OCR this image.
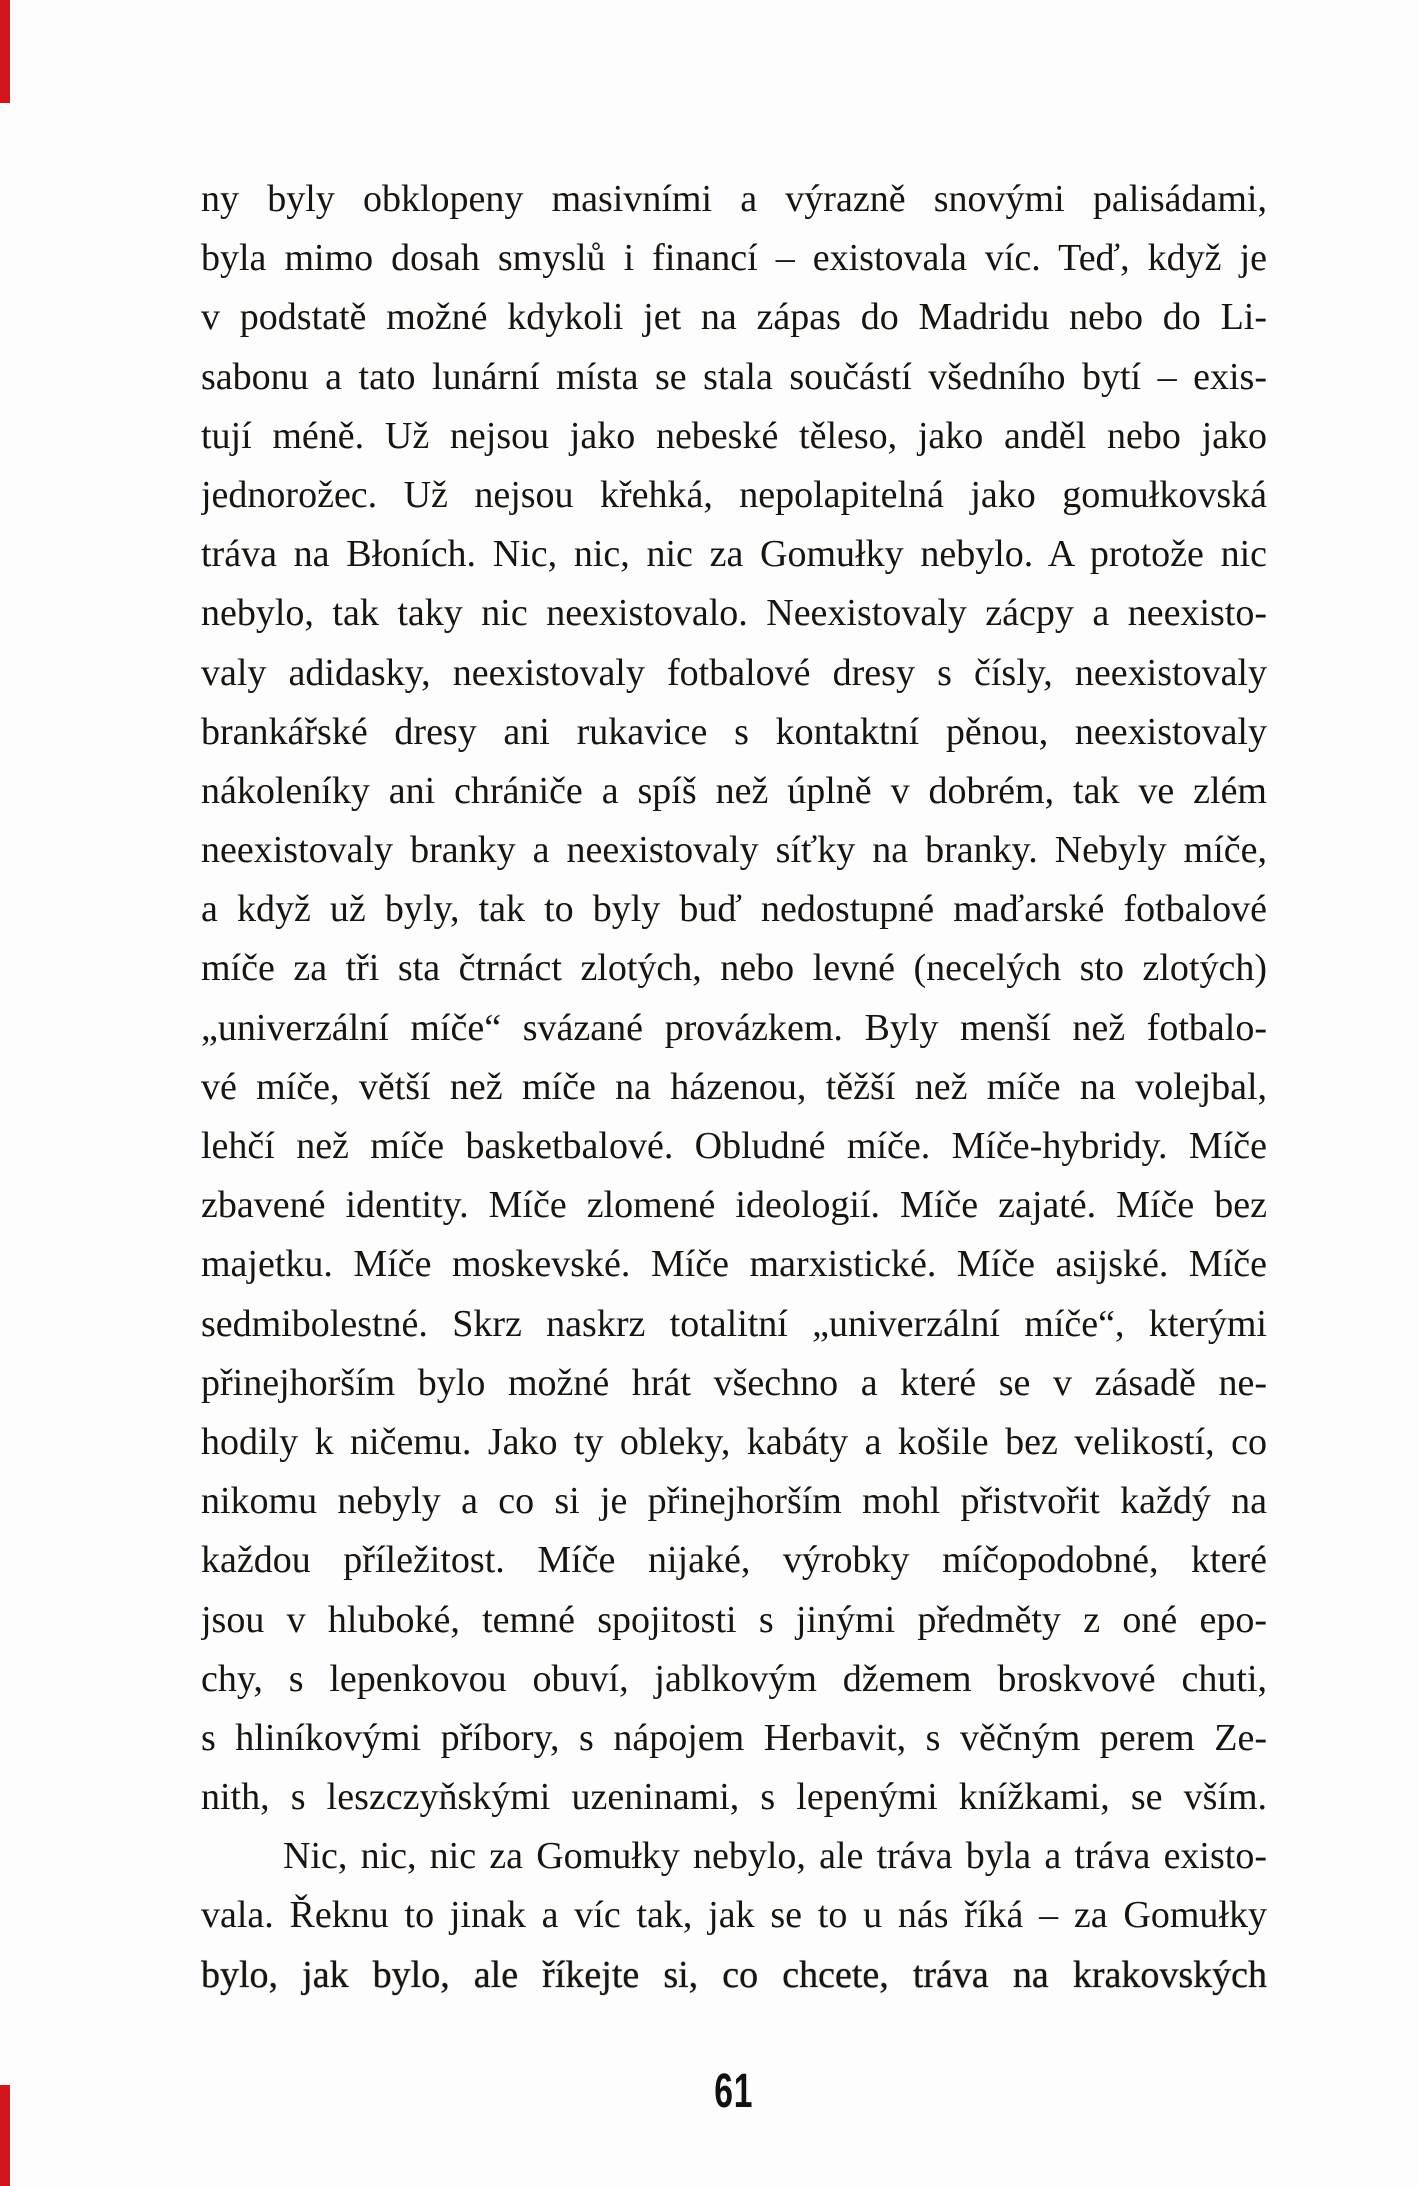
ny byly obklopeny masivními a výrazně snovými palisádami,
byla mimo dosah smyslů i financí – existovala víc. Teď, když je
v podstatě možné kdykoli jet na zápas do Madridu nebo do Li-
sabonu a tato lunární místa se stala součástí všedního bytí – exis-
tují méně. Už nejsou jako nebeské těleso, jako anděl nebo jako
jednorožec. Už nejsou křehká, nepolapitelná jako gomułkovská
tráva na Błoních. Nic, nic, nic za Gomułky nebylo. A protože nic
nebylo, tak taky nic neexistovalo. Neexistovaly zácpy a neexisto-
valy adidasky, neexistovaly fotbalové dresy s čísly, neexistovaly
brankářské dresy ani rukavice s kontaktní pěnou, neexistovaly
nákoleníky ani chrániče a spíš než úplně v dobrém, tak ve zlém
neexistovaly branky a neexistovaly síťky na branky. Nebyly míče,
a když už byly, tak to byly buď nedostupné maďarské fotbalové
míče za tři sta čtrnáct zlotých, nebo levné (necelých sto zlotých)
„univerzální míče“ svázané provázkem. Byly menší než fotbalo-
vé míče, větší než míče na házenou, těžší než míče na volejbal,
lehčí než míče basketbalové. Obludné míče. Míče-hybridy. Míče
zbavené identity. Míče zlomené ideologií. Míče zajaté. Míče bez
majetku. Míče moskevské. Míče marxistické. Míče asijské. Míče
sedmibolestné. Skrz naskrz totalitní „univerzální míče“, kterými
přinejhorším bylo možné hrát všechno a které se v zásadě ne-
hodily k ničemu. Jako ty obleky, kabáty a košile bez velikostí, co
nikomu nebyly a co si je přinejhorším mohl přistvořit každý na
každou příležitost. Míče nijaké, výrobky míčopodobné, které
jsou v hluboké, temné spojitosti s jinými předměty z oné epo-
chy, s lepenkovou obuví, jablkovým džemem broskvové chuti,
s hliníkovými příbory, s nápojem Herbavit, s věčným perem Ze-
nith, s leszczyňskými uzeninami, s lepenými knížkami, se vším.
Nic, nic, nic za Gomułky nebylo, ale tráva byla a tráva existo-
vala. Řeknu to jinak a víc tak, jak se to u nás říká – za Gomułky
bylo, jak bylo, ale říkejte si, co chcete, tráva na krakovských
61
